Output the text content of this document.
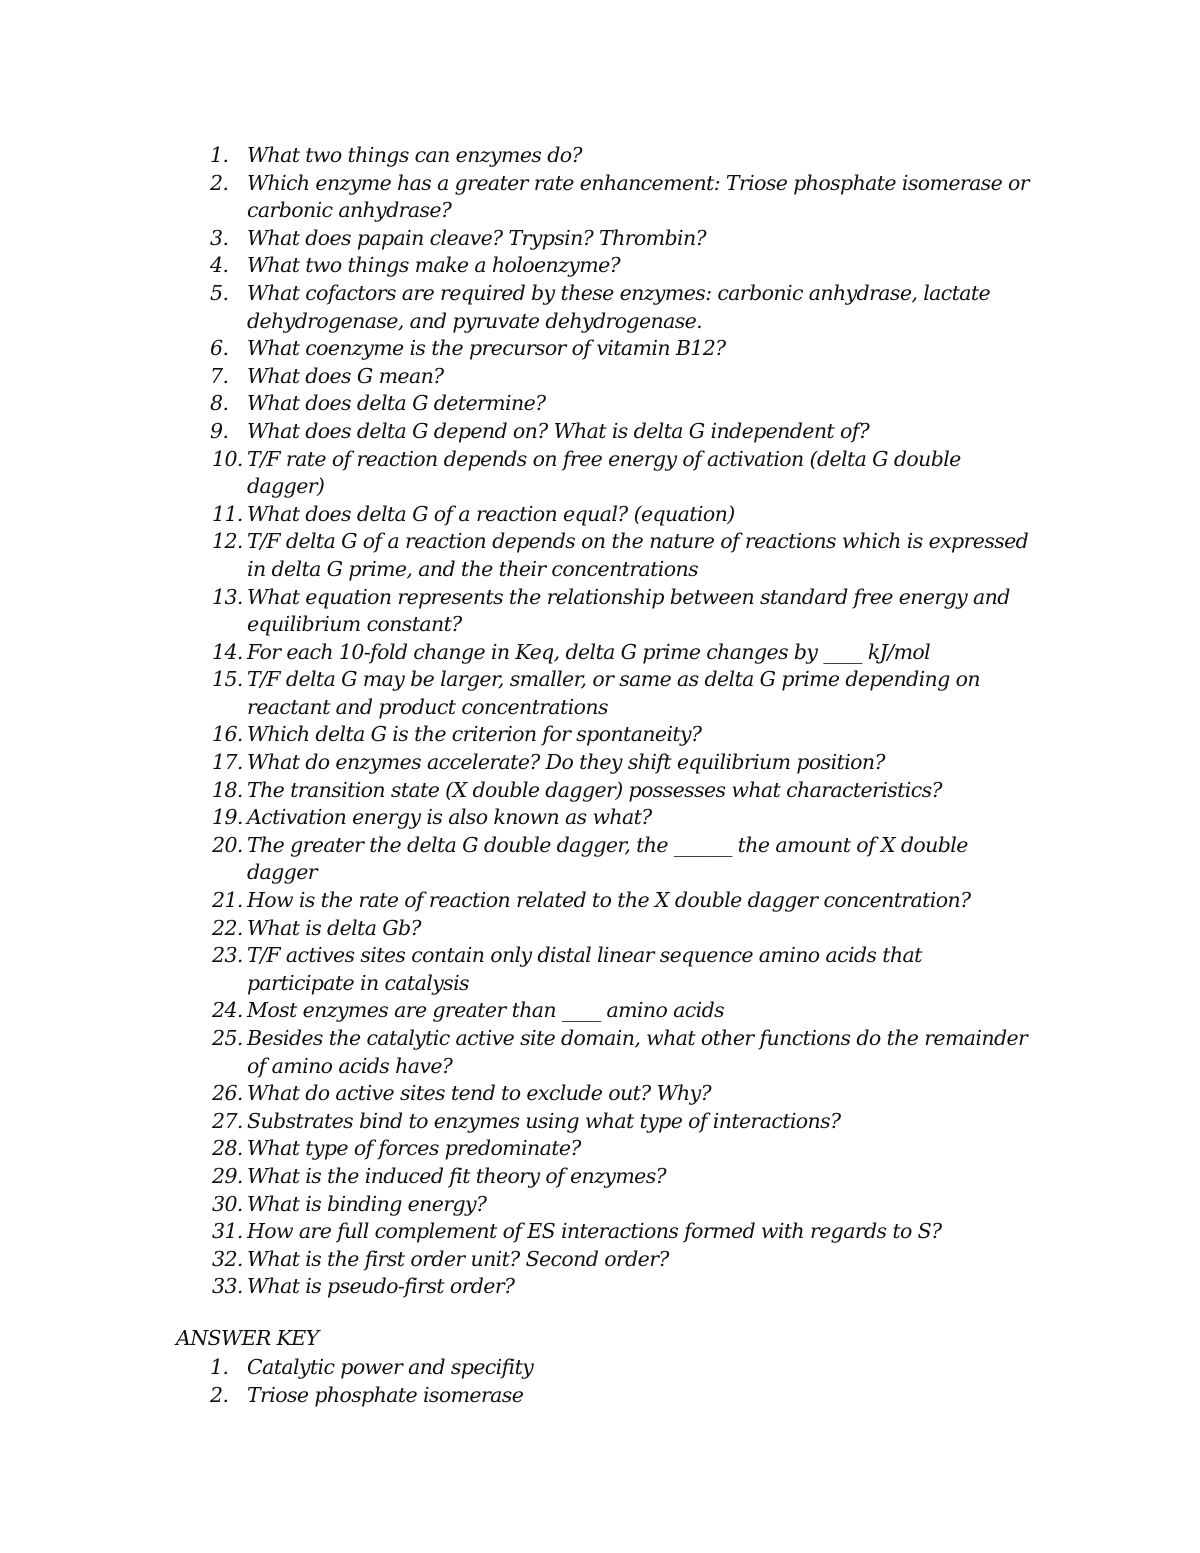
1. What two things can enzymes do?
2. Which enzyme has a greater rate enhancement: Triose phosphate isomerase or carbonic anhydrase?
3. What does papain cleave? Trypsin? Thrombin?
4. What two things make a holoenzyme?
5. What cofactors are required by these enzymes: carbonic anhydrase, lactate dehydrogenase, and pyruvate dehydrogenase.
6. What coenzyme is the precursor of vitamin B12?
7. What does G mean?
8. What does delta G determine?
9. What does delta G depend on? What is delta G independent of?
10. T/F rate of reaction depends on free energy of activation (delta G double dagger)
11. What does delta G of a reaction equal? (equation)
12. T/F delta G of a reaction depends on the nature of reactions which is expressed in delta G prime, and the their concentrations
13. What equation represents the relationship between standard free energy and equilibrium constant?
14. For each 10-fold change in Keq, delta G prime changes by ____ kJ/mol
15. T/F delta G may be larger, smaller, or same as delta G prime depending on reactant and product concentrations
16. Which delta G is the criterion for spontaneity?
17. What do enzymes accelerate? Do they shift equilibrium position?
18. The transition state (X double dagger) possesses what characteristics?
19. Activation energy is also known as what?
20. The greater the delta G double dagger, the ______ the amount of X double dagger
21. How is the rate of reaction related to the X double dagger concentration?
22. What is delta Gb?
23. T/F actives sites contain only distal linear sequence amino acids that participate in catalysis
24. Most enzymes are greater than ____ amino acids
25. Besides the catalytic active site domain, what other functions do the remainder of amino acids have?
26. What do active sites tend to exclude out? Why?
27. Substrates bind to enzymes using what type of interactions?
28. What type of forces predominate?
29. What is the induced fit theory of enzymes?
30. What is binding energy?
31. How are full complement of ES interactions formed with regards to S?
32. What is the first order unit? Second order?
33. What is pseudo-first order?
ANSWER KEY
1. Catalytic power and specifity
2. Triose phosphate isomerase
